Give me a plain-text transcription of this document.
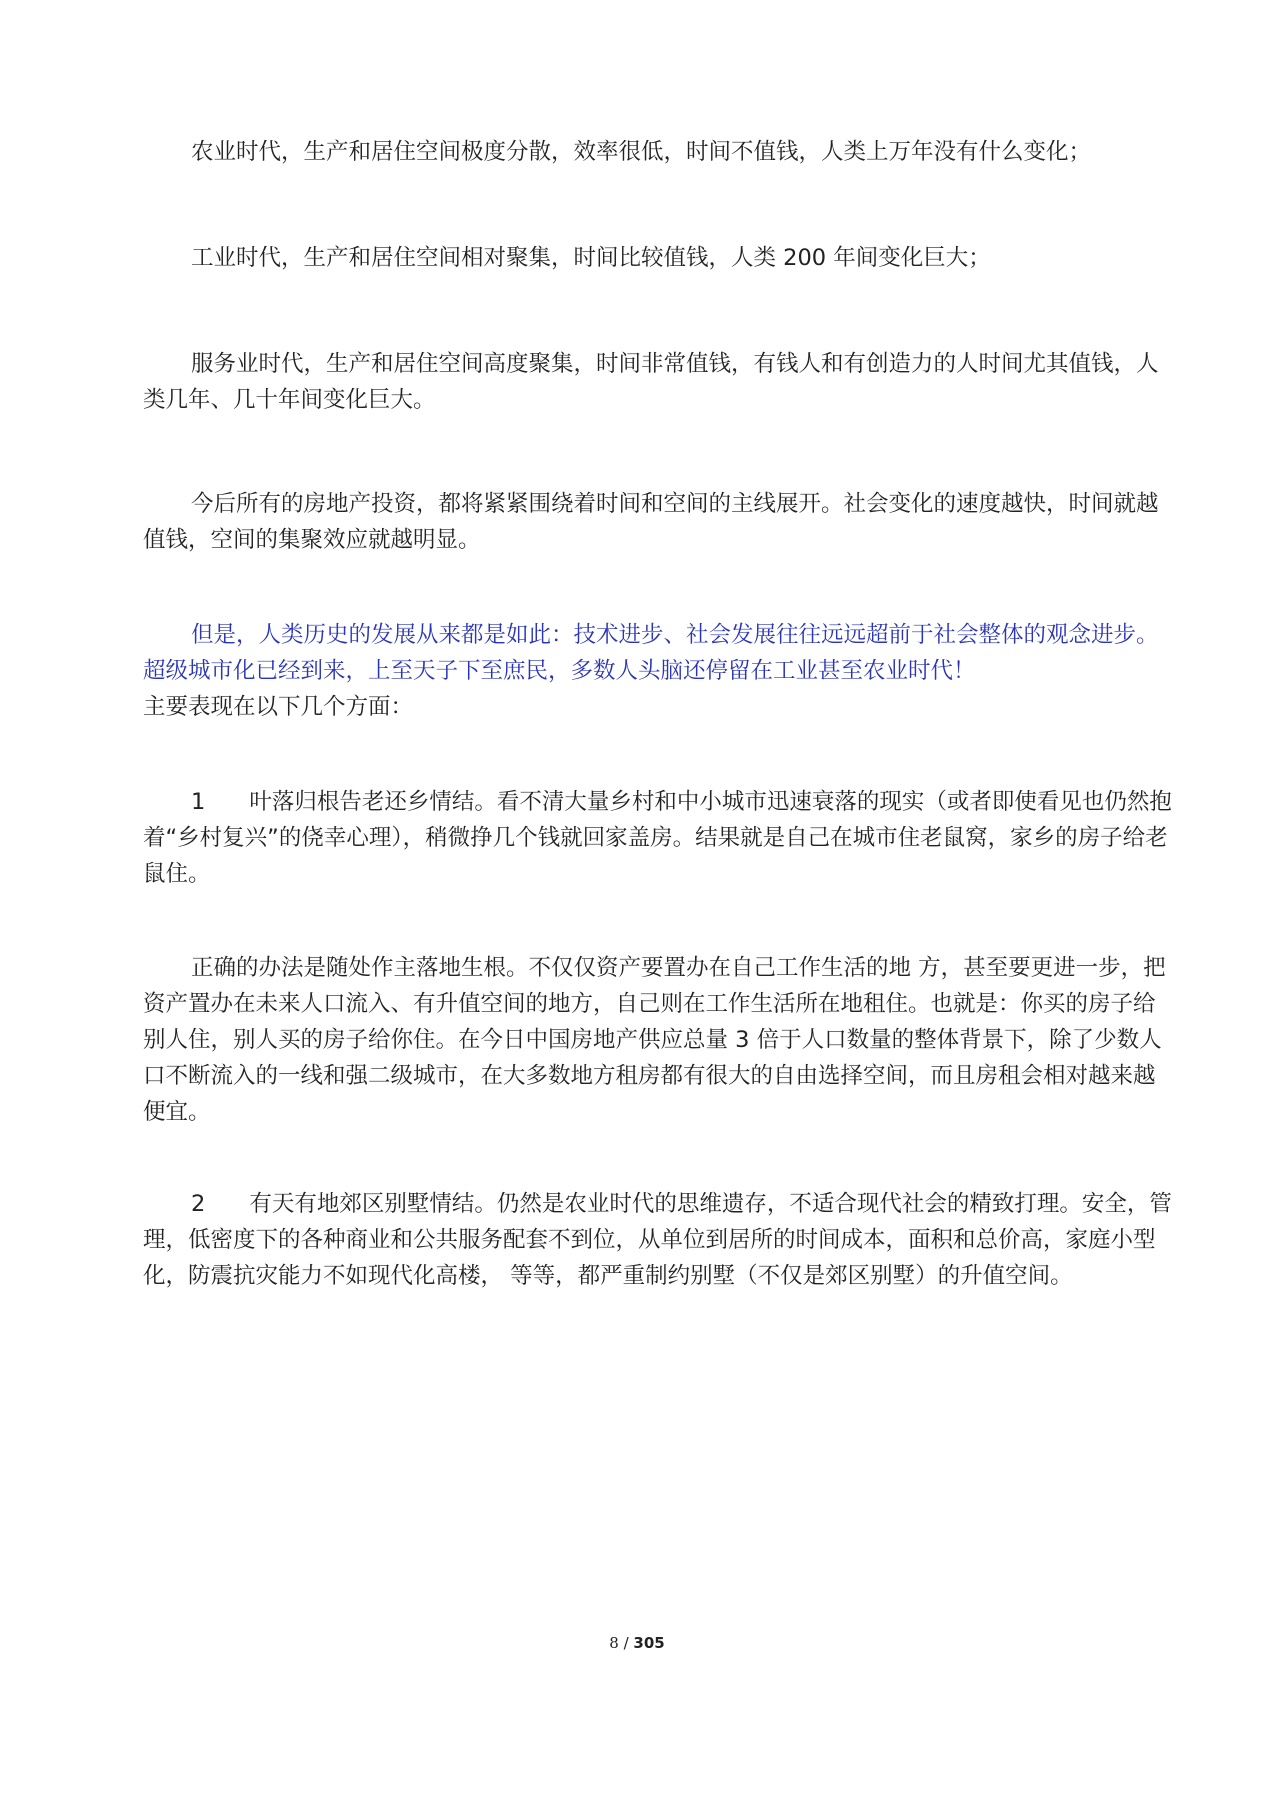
农业时代，生产和居住空间极度分散，效率很低，时间不值钱，人类上万年没有什么变化；

工业时代，生产和居住空间相对聚集，时间比较值钱，人类 200 年间变化巨大；

服务业时代，生产和居住空间高度聚集，时间非常值钱，有钱人和有创造力的人时间尤其值钱，人类几年、几十年间变化巨大。

今后所有的房地产投资，都将紧紧围绕着时间和空间的主线展开。社会变化的速度越快，时间就越值钱，空间的集聚效应就越明显。

但是，人类历史的发展从来都是如此：技术进步、社会发展往往远远超前于社会整体的观念进步。超级城市化已经到来，上至天子下至庶民，多数人头脑还停留在工业甚至农业时代！
主要表现在以下几个方面：

1 叶落归根告老还乡情结。看不清大量乡村和中小城市迅速衰落的现实（或者即使看见也仍然抱着“乡村复兴”的侥幸心理），稍微挣几个钱就回家盖房。结果就是自己在城市住老鼠窝，家乡的房子给老鼠住。

正确的办法是随处作主落地生根。不仅仅资产要置办在自己工作生活的地 方，甚至要更进一步，把资产置办在未来人口流入、有升值空间的地方，自己则在工作生活所在地租住。也就是：你买的房子给别人住，别人买的房子给你住。在今日中国房地产供应总量 3 倍于人口数量的整体背景下，除了少数人口不断流入的一线和强二级城市，在大多数地方租房都有很大的自由选择空间，而且房租会相对越来越便宜。

2 有天有地郊区别墅情结。仍然是农业时代的思维遗存，不适合现代社会的精致打理。安全，管理，低密度下的各种商业和公共服务配套不到位，从单位到居所的时间成本，面积和总价高，家庭小型化，防震抗灾能力不如现代化高楼， 等等，都严重制约别墅（不仅是郊区别墅）的升值空间。

8 / 305
